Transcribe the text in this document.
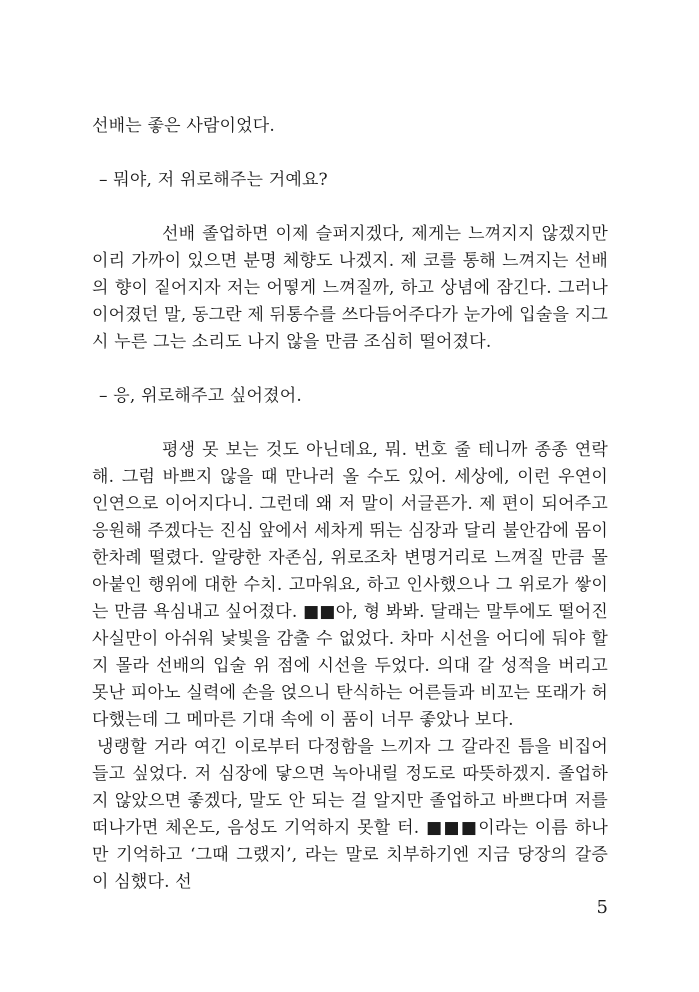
선배는 좋은 사람이었다.

– 뭐야, 저 위로해주는 거예요?

선배 졸업하면 이제 슬퍼지겠다, 제게는 느껴지지 않겠지만 이리 가까이 있으면 분명 체향도 나겠지. 제 코를 통해 느껴지는 선배의 향이 짙어지자 저는 어떻게 느껴질까, 하고 상념에 잠긴다. 그러나 이어졌던 말, 동그란 제 뒤통수를 쓰다듬어주다가 눈가에 입술을 지그시 누른 그는 소리도 나지 않을 만큼 조심히 떨어졌다.

– 응, 위로해주고 싶어졌어.

평생 못 보는 것도 아닌데요, 뭐. 번호 줄 테니까 종종 연락해. 그럼 바쁘지 않을 때 만나러 올 수도 있어. 세상에, 이런 우연이 인연으로 이어지다니. 그런데 왜 저 말이 서글픈가. 제 편이 되어주고 응원해 주겠다는 진심 앞에서 세차게 뛰는 심장과 달리 불안감에 몸이 한차례 떨렸다. 알량한 자존심, 위로조차 변명거리로 느껴질 만큼 몰아붙인 행위에 대한 수치. 고마워요, 하고 인사했으나 그 위로가 쌓이는 만큼 욕심내고 싶어졌다. ■■아, 형 봐봐. 달래는 말투에도 떨어진 사실만이 아쉬워 낯빛을 감출 수 없었다. 차마 시선을 어디에 둬야 할지 몰라 선배의 입술 위 점에 시선을 두었다. 의대 갈 성적을 버리고 못난 피아노 실력에 손을 얹으니 탄식하는 어른들과 비꼬는 또래가 허다했는데 그 메마른 기대 속에 이 품이 너무 좋았나 보다.

냉랭할 거라 여긴 이로부터 다정함을 느끼자 그 갈라진 틈을 비집어 들고 싶었다. 저 심장에 닿으면 녹아내릴 정도로 따뜻하겠지. 졸업하지 않았으면 좋겠다, 말도 안 되는 걸 알지만 졸업하고 바쁘다며 저를 떠나가면 체온도, 음성도 기억하지 못할 터. ■■■이라는 이름 하나만 기억하고 ‘그때 그랬지’, 라는 말로 치부하기엔 지금 당장의 갈증이 심했다. 선

5
